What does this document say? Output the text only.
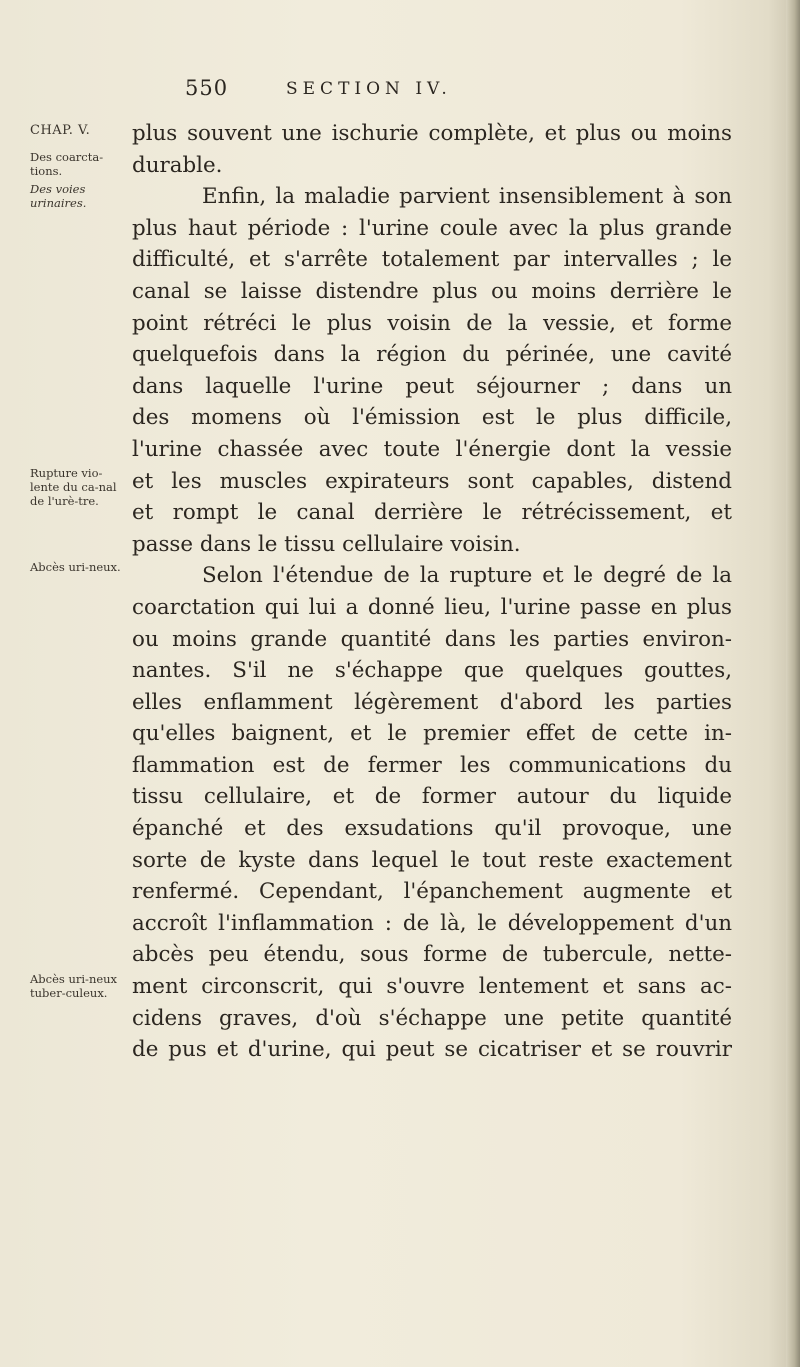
550	SECTION IV.
CHAP. V.
Des coarcta-tions.
Des voies urinaires.
Rupture vio-lente du ca-nal de l'urè-tre.
Abcès uri-neux.
Abcès uri-neux tuber-culeux.
plus souvent une ischurie complète, et plus ou moins
durable.
Enfin, la maladie parvient insensiblement à son
plus haut période : l'urine coule avec la plus grande
difficulté, et s'arrête totalement par intervalles ; le
canal se laisse distendre plus ou moins derrière le
point rétréci le plus voisin de la vessie, et forme
quelquefois dans la région du périnée, une cavité
dans laquelle l'urine peut séjourner ; dans un
des momens où l'émission est le plus difficile,
l'urine chassée avec toute l'énergie dont la vessie
et les muscles expirateurs sont capables, distend
et rompt le canal derrière le rétrécissement, et
passe dans le tissu cellulaire voisin.
Selon l'étendue de la rupture et le degré de la
coarctation qui lui a donné lieu, l'urine passe en plus
ou moins grande quantité dans les parties environ-
nantes. S'il ne s'échappe que quelques gouttes,
elles enflamment légèrement d'abord les parties
qu'elles baignent, et le premier effet de cette in-
flammation est de fermer les communications du
tissu cellulaire, et de former autour du liquide
épanché et des exsudations qu'il provoque, une
sorte de kyste dans lequel le tout reste exactement
renfermé. Cependant, l'épanchement augmente et
accroît l'inflammation : de là, le développement d'un
abcès peu étendu, sous forme de tubercule, nette-
ment circonscrit, qui s'ouvre lentement et sans ac-
cidens graves, d'où s'échappe une petite quantité
de pus et d'urine, qui peut se cicatriser et se rouvrir
